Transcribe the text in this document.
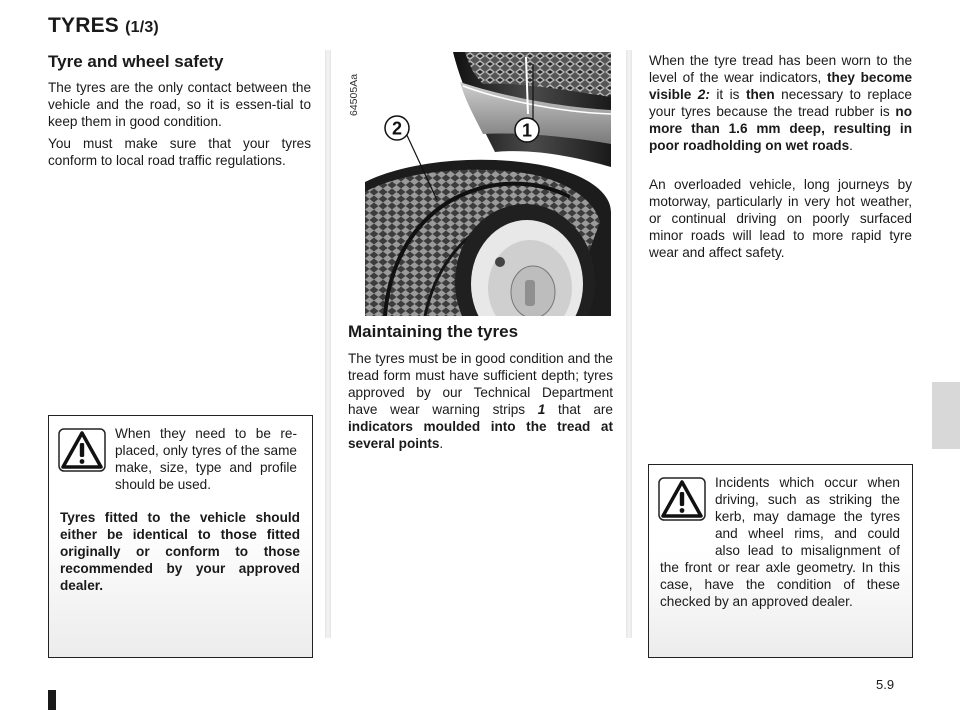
TYRES (1/3)
Tyre and wheel safety
The tyres are the only contact between the vehicle and the road, so it is essen-tial to keep them in good condition.
You must make sure that your tyres conform to local road traffic regulations.
When they need to be re-placed, only tyres of the same make, size, type and profile should be used.
Tyres fitted to the vehicle should either be identical to those fitted originally or conform to those recommended by your approved dealer.
64505Aa
2	1
Maintaining the tyres
The tyres must be in good condition and the tread form must have sufficient depth; tyres approved by our Technical Department have wear warning strips 1 that are indicators moulded into the tread at several points.
When the tyre tread has been worn to the level of the wear indicators, they become visible 2: it is then necessary to replace your tyres because the tread rubber is no more than 1.6 mm deep, resulting in poor roadholding on wet roads.
An overloaded vehicle, long journeys by motorway, particularly in very hot weather, or continual driving on poorly surfaced minor roads will lead to more rapid tyre wear and affect safety.
Incidents which occur when driving, such as striking the kerb, may damage the tyres and wheel rims, and could also lead to misalignment of the front or rear axle geometry. In this case, have the condition of these checked by an approved dealer.
5.9
